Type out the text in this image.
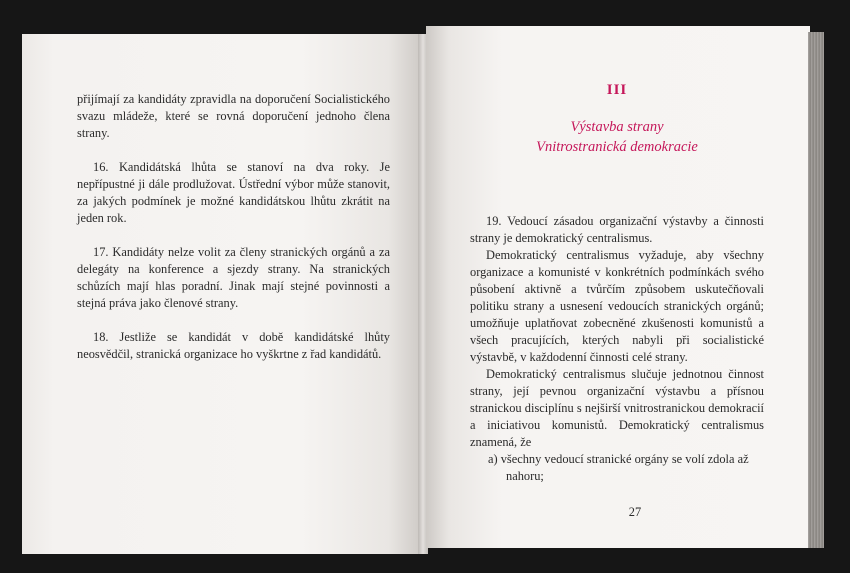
přijímají za kandidáty zpravidla na doporučení Socialistického svazu mládeže, které se rovná doporučení jednoho člena strany.

16. Kandidátská lhůta se stanoví na dva roky. Je nepřípustné ji dále prodlužovat. Ústřední výbor může stanovit, za jakých podmínek je možné kandidátskou lhůtu zkrátit na jeden rok.

17. Kandidáty nelze volit za členy stranických orgánů a za delegáty na konference a sjezdy strany. Na stranických schůzích mají hlas poradní. Jinak mají stejné povinnosti a stejná práva jako členové strany.

18. Jestliže se kandidát v době kandidátské lhůty neosvědčil, stranická organizace ho vyškrtne z řad kandidátů.

III
Výstavba strany
Vnitrostranická demokracie

19. Vedoucí zásadou organizační výstavby a činnosti strany je demokratický centralismus.

Demokratický centralismus vyžaduje, aby všechny organizace a komunisté v konkrétních podmínkách svého působení aktivně a tvůrčím způsobem uskutečňovali politiku strany a usnesení vedoucích stranických orgánů; umožňuje uplatňovat zobecněné zkušenosti komunistů a všech pracujících, kterých nabyli při socialistické výstavbě, v každodenní činnosti celé strany.

Demokratický centralismus slučuje jednotnou činnost strany, její pevnou organizační výstavbu a přísnou stranickou disciplínu s nejširší vnitrostranickou demokracií a iniciativou komunistů. Demokratický centralismus znamená, že

a) všechny vedoucí stranické orgány se volí zdola až nahoru;

27
